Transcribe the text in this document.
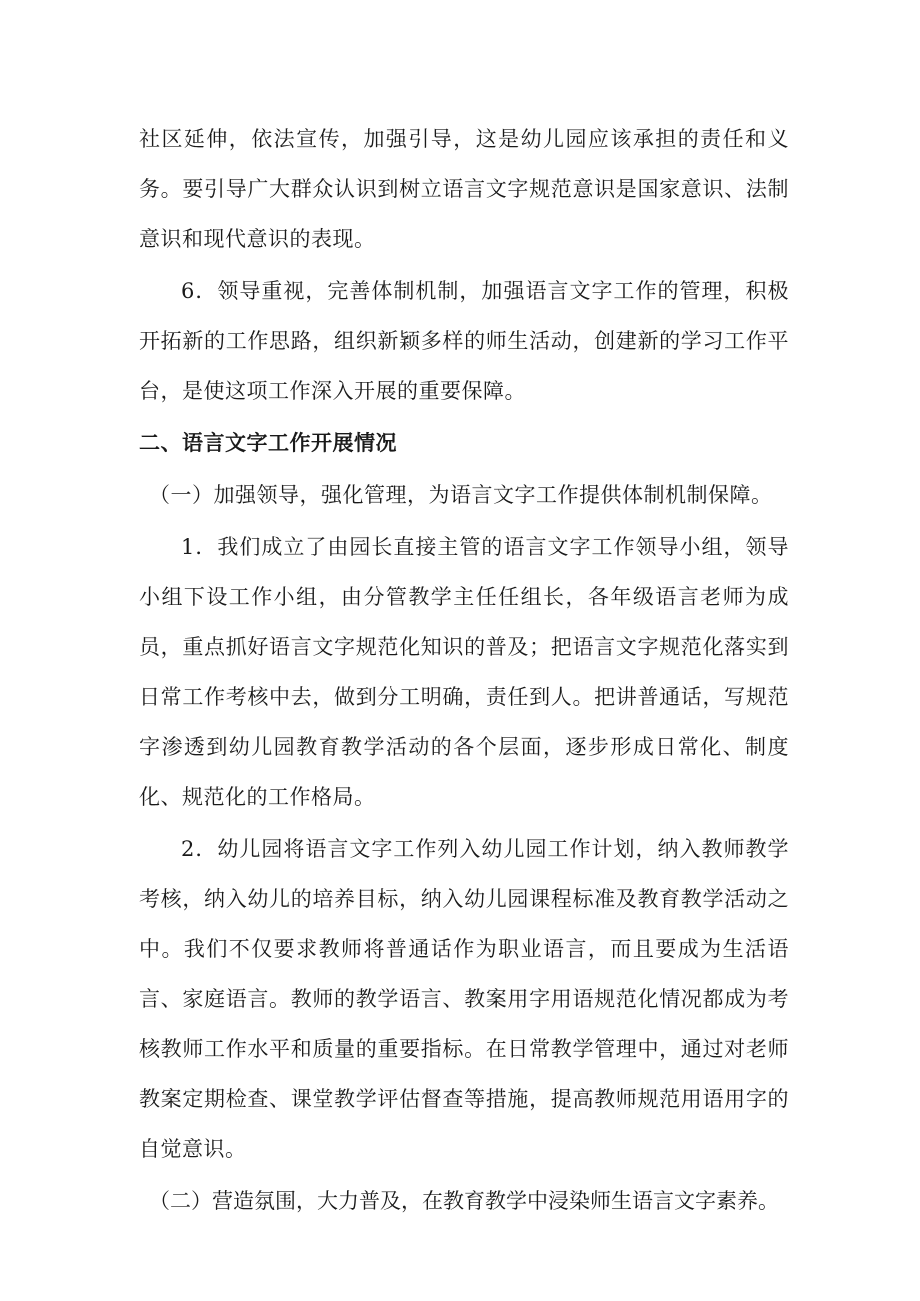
社区延伸，依法宣传，加强引导，这是幼儿园应该承担的责任和义务。要引导广大群众认识到树立语言文字规范意识是国家意识、法制意识和现代意识的表现。

6．领导重视，完善体制机制，加强语言文字工作的管理，积极开拓新的工作思路，组织新颖多样的师生活动，创建新的学习工作平台，是使这项工作深入开展的重要保障。

二、语言文字工作开展情况

（一）加强领导，强化管理，为语言文字工作提供体制机制保障。

1．我们成立了由园长直接主管的语言文字工作领导小组，领导小组下设工作小组，由分管教学主任任组长，各年级语言老师为成员，重点抓好语言文字规范化知识的普及；把语言文字规范化落实到日常工作考核中去，做到分工明确，责任到人。把讲普通话，写规范字渗透到幼儿园教育教学活动的各个层面，逐步形成日常化、制度化、规范化的工作格局。

2．幼儿园将语言文字工作列入幼儿园工作计划，纳入教师教学考核，纳入幼儿的培养目标，纳入幼儿园课程标准及教育教学活动之中。我们不仅要求教师将普通话作为职业语言，而且要成为生活语言、家庭语言。教师的教学语言、教案用字用语规范化情况都成为考核教师工作水平和质量的重要指标。在日常教学管理中，通过对老师教案定期检查、课堂教学评估督查等措施，提高教师规范用语用字的自觉意识。

（二）营造氛围，大力普及，在教育教学中浸染师生语言文字素养。
